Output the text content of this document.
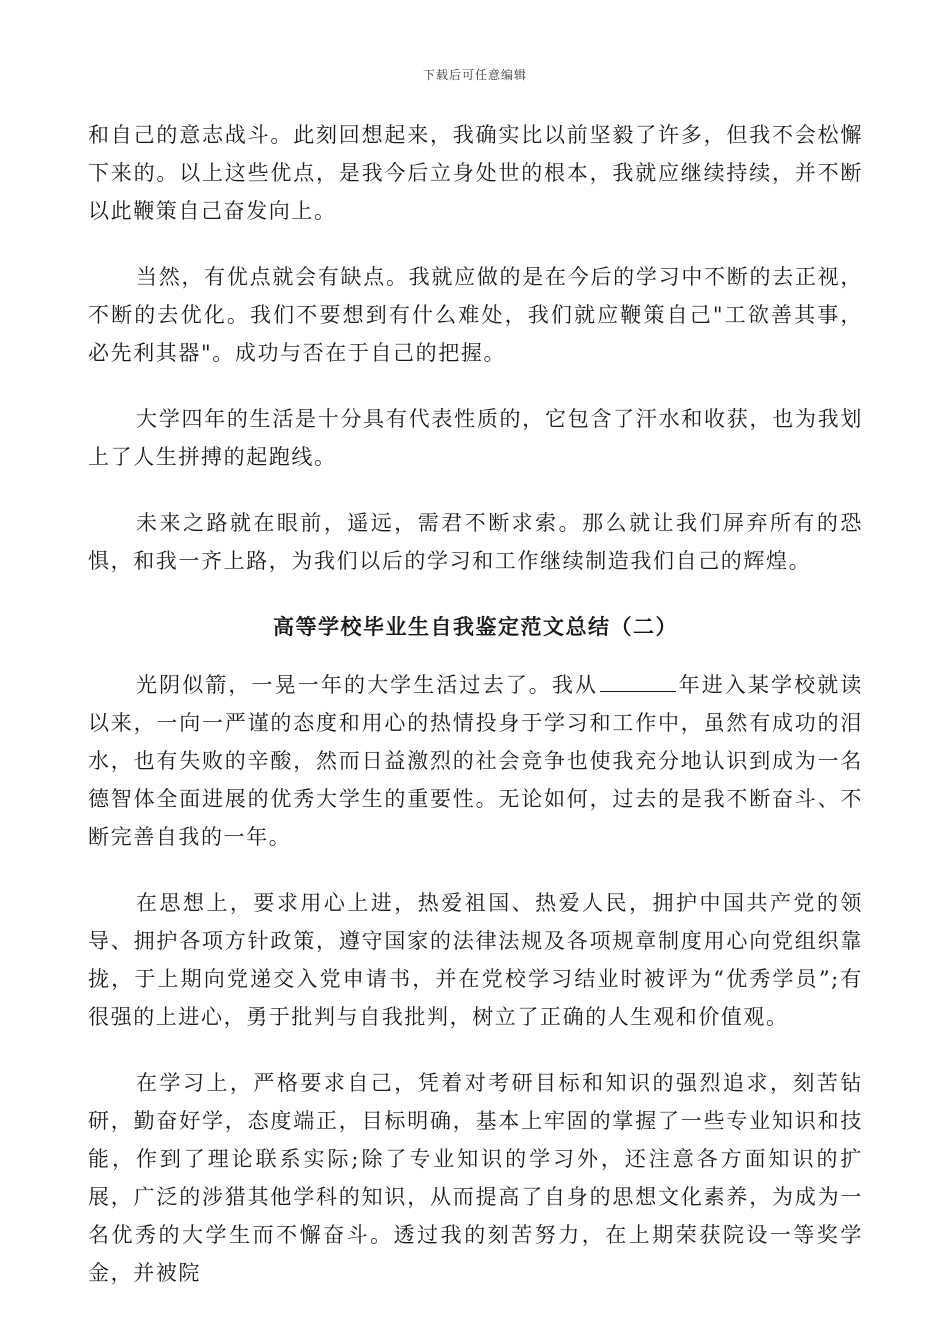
下载后可任意编辑

和自己的意志战斗。此刻回想起来，我确实比以前坚毅了许多，但我不会松懈下来的。以上这些优点，是我今后立身处世的根本，我就应继续持续，并不断以此鞭策自己奋发向上。

当然，有优点就会有缺点。我就应做的是在今后的学习中不断的去正视，不断的去优化。我们不要想到有什么难处，我们就应鞭策自己"工欲善其事，必先利其器"。成功与否在于自己的把握。

大学四年的生活是十分具有代表性质的，它包含了汗水和收获，也为我划上了人生拼搏的起跑线。

未来之路就在眼前，遥远，需君不断求索。那么就让我们屏弃所有的恐惧，和我一齐上路，为我们以后的学习和工作继续制造我们自己的辉煌。

高等学校毕业生自我鉴定范文总结（二）

光阴似箭，一晃一年的大学生活过去了。我从	年进入某学校就读以来，一向一严谨的态度和用心的热情投身于学习和工作中，虽然有成功的泪水，也有失败的辛酸，然而日益激烈的社会竞争也使我充分地认识到成为一名德智体全面进展的优秀大学生的重要性。无论如何，过去的是我不断奋斗、不断完善自我的一年。

在思想上，要求用心上进，热爱祖国、热爱人民，拥护中国共产党的领导、拥护各项方针政策，遵守国家的法律法规及各项规章制度用心向党组织靠拢，于上期向党递交入党申请书，并在党校学习结业时被评为“优秀学员”;有很强的上进心，勇于批判与自我批判，树立了正确的人生观和价值观。

在学习上，严格要求自己，凭着对考研目标和知识的强烈追求，刻苦钻研，勤奋好学，态度端正，目标明确，基本上牢固的掌握了一些专业知识和技能，作到了理论联系实际;除了专业知识的学习外，还注意各方面知识的扩展，广泛的涉猎其他学科的知识，从而提高了自身的思想文化素养，为成为一名优秀的大学生而不懈奋斗。透过我的刻苦努力，在上期荣获院设一等奖学金，并被院
